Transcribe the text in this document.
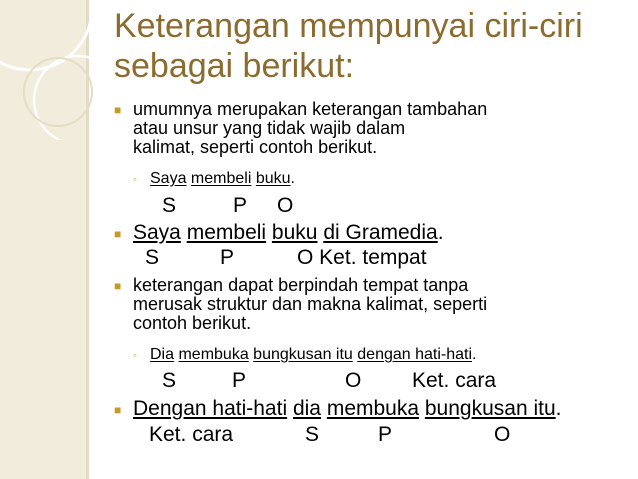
Keterangan mempunyai ciri-ciri
sebagai berikut:
■ umumnya merupakan keterangan tambahan
atau unsur yang tidak wajib dalam
kalimat, seperti contoh berikut.
◦ Saya membeli buku.
S	P O
■ Saya membeli buku di Gramedia.
S	P	O Ket. tempat
■ keterangan dapat berpindah tempat tanpa
merusak struktur dan makna kalimat, seperti
contoh berikut.
◦ Dia membuka bungkusan itu dengan hati-hati.
S	P	O Ket. cara
■ Dengan hati-hati dia membuka bungkusan itu.
Ket. cara	S	P	O
